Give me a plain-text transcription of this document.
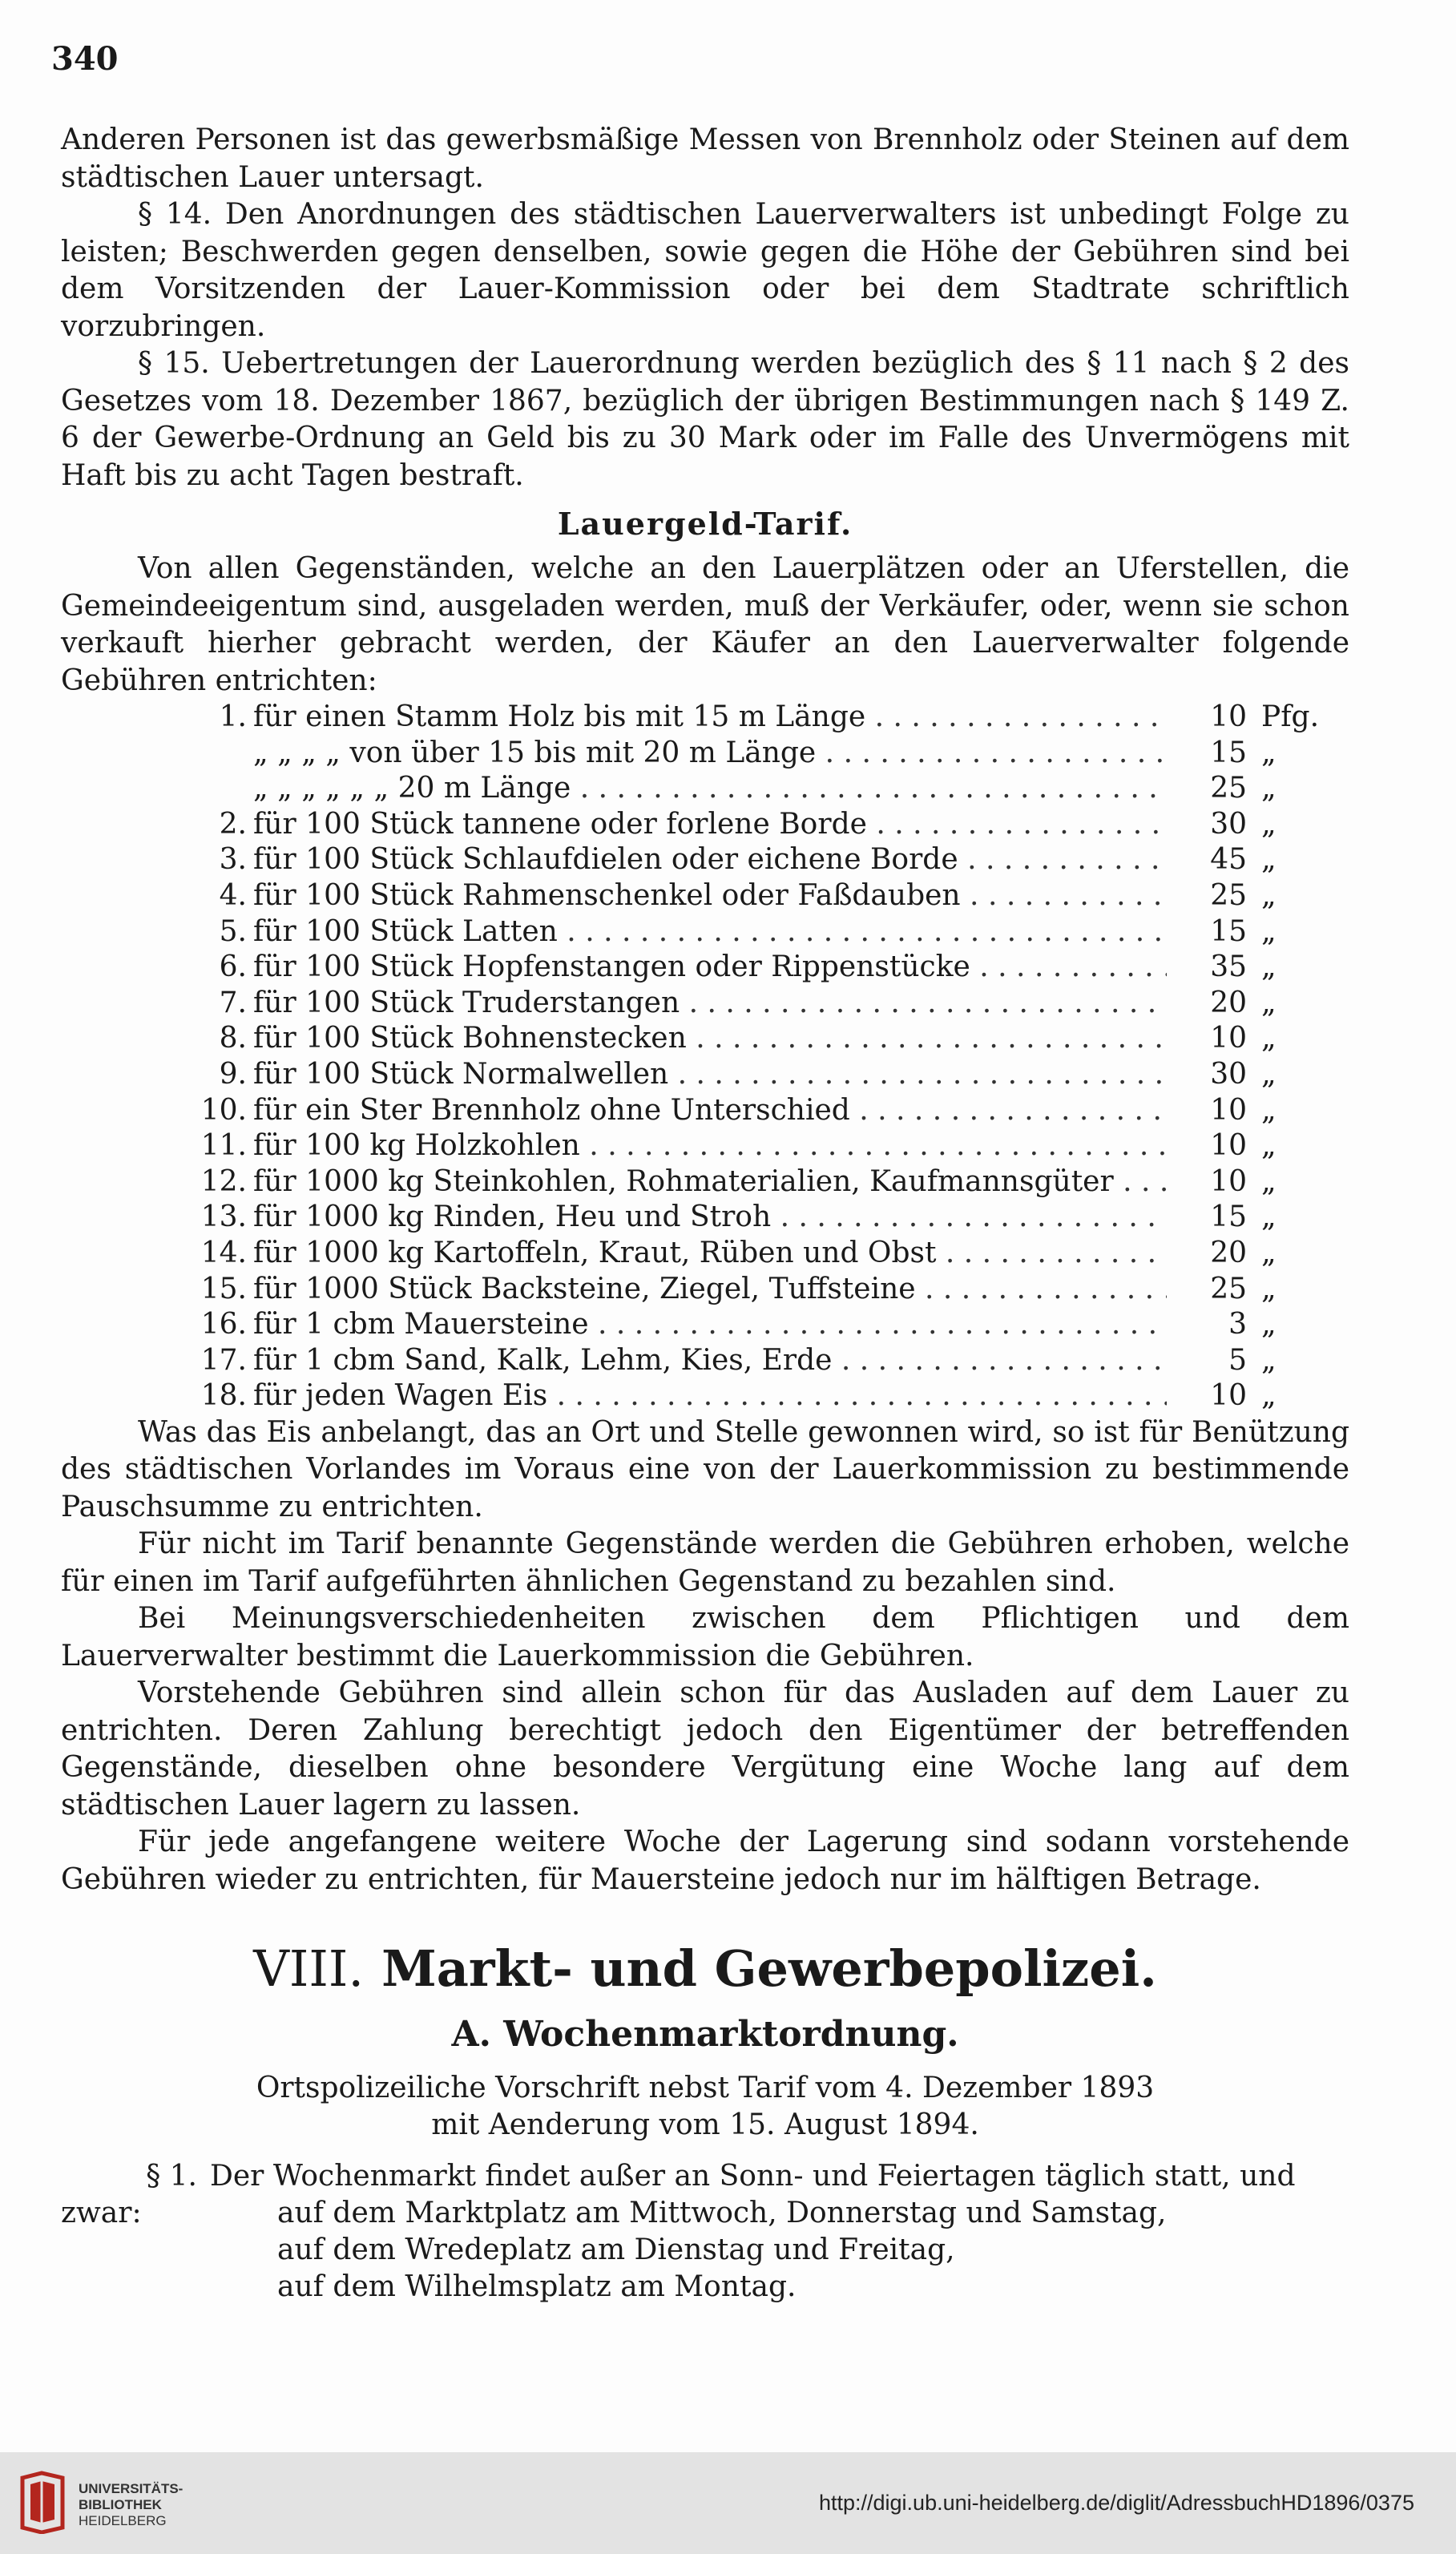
340

Anderen Personen ist das gewerbsmäßige Messen von Brennholz oder Steinen auf dem städtischen Lauer untersagt.

§ 14. Den Anordnungen des städtischen Lauerverwalters ist unbedingt Folge zu leisten; Beschwerden gegen denselben, sowie gegen die Höhe der Gebühren sind bei dem Vorsitzenden der Lauer-Kommission oder bei dem Stadtrate schriftlich vorzubringen.

§ 15. Uebertretungen der Lauerordnung werden bezüglich des § 11 nach § 2 des Gesetzes vom 18. Dezember 1867, bezüglich der übrigen Bestimmungen nach § 149 Z. 6 der Gewerbe-Ordnung an Geld bis zu 30 Mark oder im Falle des Unvermögens mit Haft bis zu acht Tagen bestraft.

Lauergeld-Tarif.

Von allen Gegenständen, welche an den Lauerplätzen oder an Uferstellen, die Gemeindeeigentum sind, ausgeladen werden, muß der Verkäufer, oder, wenn sie schon verkauft hierher gebracht werden, der Käufer an den Lauerverwalter folgende Gebühren entrichten:

1. für einen Stamm Holz bis mit 15 m Länge . . .	10 Pfg.
„ „ „ „ von über 15 bis mit 20 m Länge . . .	15 „
„ „ „ „ „ „ 20 m Länge . . .	25 „
2. für 100 Stück tannene oder forlene Borde . . .	30 „
3. für 100 Stück Schlaufdielen oder eichene Borde . . .	45 „
4. für 100 Stück Rahmenschenkel oder Faßdauben . . .	25 „
5. für 100 Stück Latten . . .	15 „
6. für 100 Stück Hopfenstangen oder Rippenstücke . . .	35 „
7. für 100 Stück Truderstangen . . .	20 „
8. für 100 Stück Bohnenstecken . . .	10 „
9. für 100 Stück Normalwellen . . .	30 „
10. für ein Ster Brennholz ohne Unterschied . . .	10 „
11. für 100 kg Holzkohlen . . .	10 „
12. für 1000 kg Steinkohlen, Rohmaterialien, Kaufmannsgüter . . .	10 „
13. für 1000 kg Rinden, Heu und Stroh . . .	15 „
14. für 1000 kg Kartoffeln, Kraut, Rüben und Obst . . .	20 „
15. für 1000 Stück Backsteine, Ziegel, Tuffsteine . . .	25 „
16. für 1 cbm Mauersteine . . .	3 „
17. für 1 cbm Sand, Kalk, Lehm, Kies, Erde . . .	5 „
18. für jeden Wagen Eis . . .	10 „

Was das Eis anbelangt, das an Ort und Stelle gewonnen wird, so ist für Benützung des städtischen Vorlandes im Voraus eine von der Lauerkommission zu bestimmende Pauschsumme zu entrichten.

Für nicht im Tarif benannte Gegenstände werden die Gebühren erhoben, welche für einen im Tarif aufgeführten ähnlichen Gegenstand zu bezahlen sind.

Bei Meinungsverschiedenheiten zwischen dem Pflichtigen und dem Lauerverwalter bestimmt die Lauerkommission die Gebühren.

Vorstehende Gebühren sind allein schon für das Ausladen auf dem Lauer zu entrichten. Deren Zahlung berechtigt jedoch den Eigentümer der betreffenden Gegenstände, dieselben ohne besondere Vergütung eine Woche lang auf dem städtischen Lauer lagern zu lassen.

Für jede angefangene weitere Woche der Lagerung sind sodann vorstehende Gebühren wieder zu entrichten, für Mauersteine jedoch nur im hälftigen Betrage.

VIII. Markt- und Gewerbepolizei.
A. Wochenmarktordnung.
Ortspolizeiliche Vorschrift nebst Tarif vom 4. Dezember 1893
mit Aenderung vom 15. August 1894.
§ 1. Der Wochenmarkt findet außer an Sonn- und Feiertagen täglich statt, und
zwar:	auf dem Marktplatz am Mittwoch, Donnerstag und Samstag,
auf dem Wredeplatz am Dienstag und Freitag,
auf dem Wilhelmsplatz am Montag.
UNIVERSITÄTS-
BIBLIOTHEK
HEIDELBERG
http://digi.ub.uni-heidelberg.de/diglit/AdressbuchHD1896/0375
